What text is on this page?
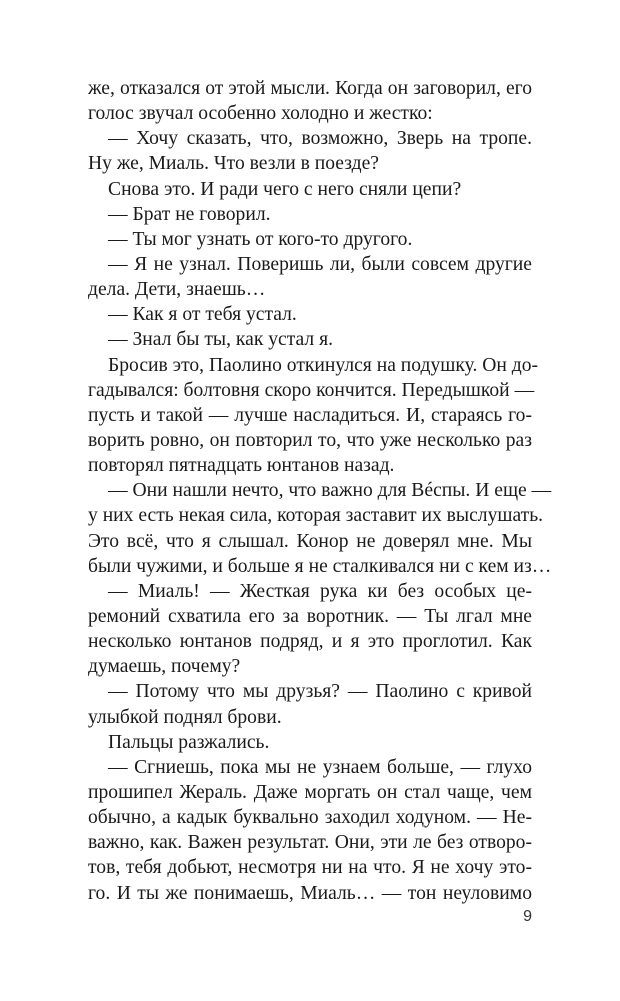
же, отказался от этой мысли. Когда он заговорил, его
голос звучал особенно холодно и жестко:
— Хочу сказать, что, возможно, Зверь на тропе.
Ну же, Миаль. Что везли в поезде?
Снова это. И ради чего с него сняли цепи?
— Брат не говорил.
— Ты мог узнать от кого-то другого.
— Я не узнал. Поверишь ли, были совсем другие
дела. Дети, знаешь…
— Как я от тебя устал.
— Знал бы ты, как устал я.
Бросив это, Паолино откинулся на подушку. Он до-
гадывался: болтовня скоро кончится. Передышкой —
пусть и такой — лучше насладиться. И, стараясь го-
ворить ровно, он повторил то, что уже несколько раз
повторял пятнадцать юнтанов назад.
— Они нашли нечто, что важно для Вéспы. И еще —
у них есть некая сила, которая заставит их выслушать.
Это всё, что я слышал. Конор не доверял мне. Мы
были чужими, и больше я не сталкивался ни с кем из…
— Миаль! — Жесткая рука ки без особых це-
ремоний схватила его за воротник. — Ты лгал мне
несколько юнтанов подряд, и я это проглотил. Как
думаешь, почему?
— Потому что мы друзья? — Паолино с кривой
улыбкой поднял брови.
Пальцы разжались.
— Сгниешь, пока мы не узнаем больше, — глухо
прошипел Жераль. Даже моргать он стал чаще, чем
обычно, а кадык буквально заходил ходуном. — Не-
важно, как. Важен результат. Они, эти ле без отворо-
тов, тебя добьют, несмотря ни на что. Я не хочу это-
го. И ты же понимаешь, Миаль… — тон неуловимо
9
